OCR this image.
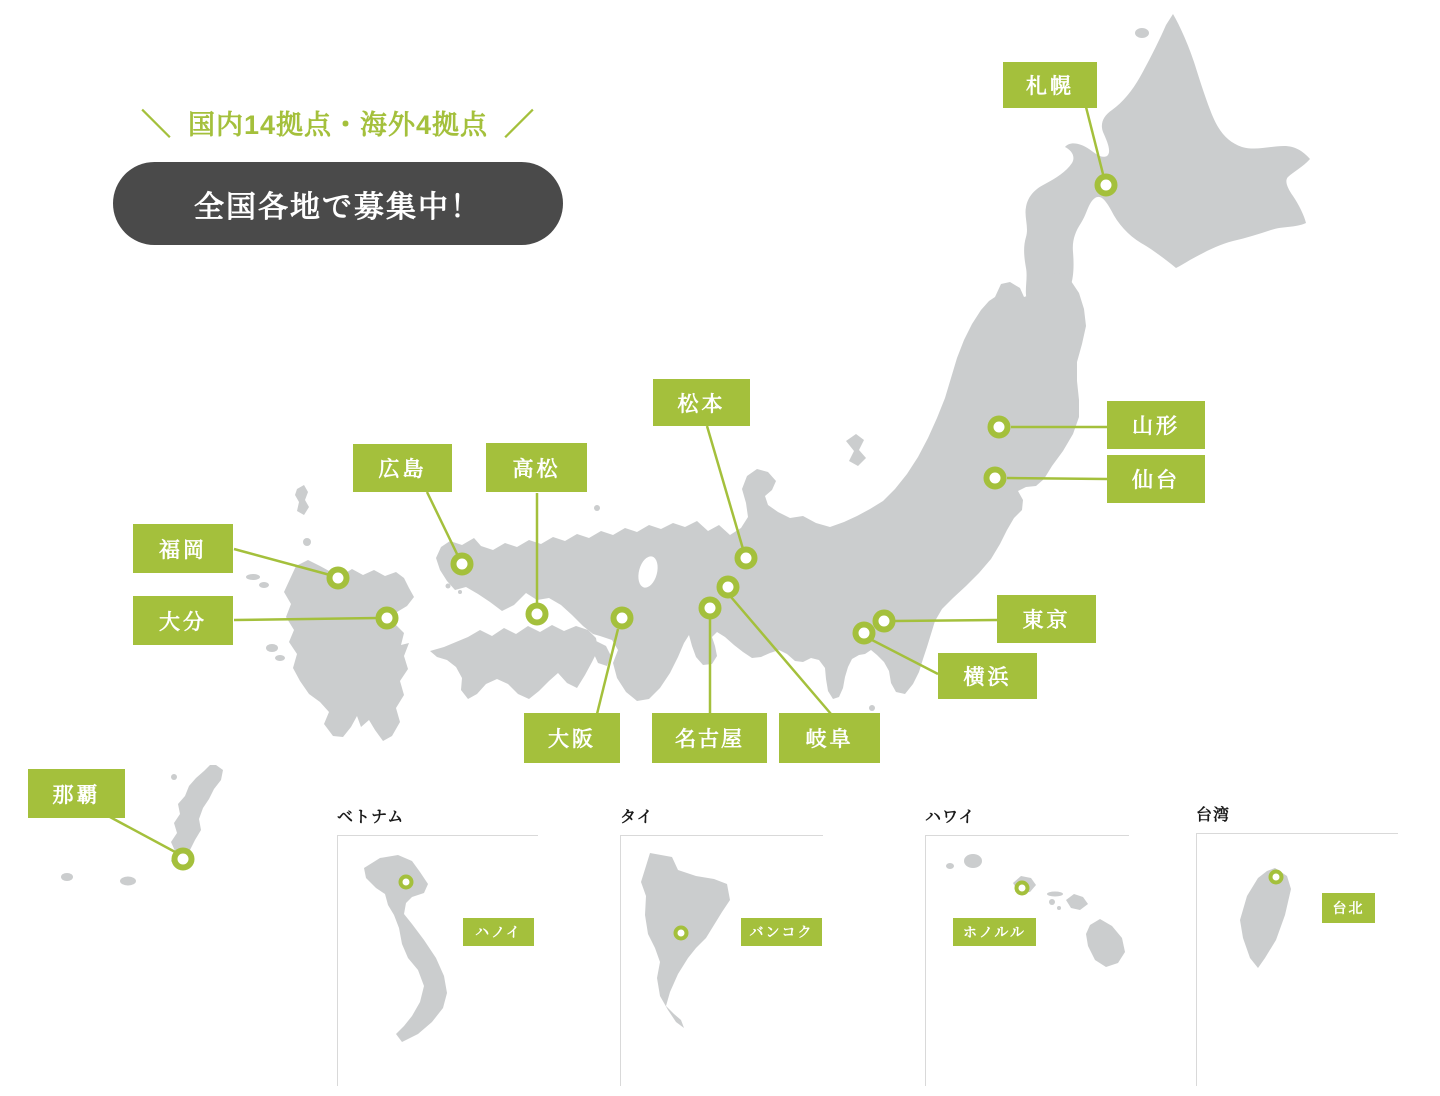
＼ 国内14拠点・海外4拠点 ／
全国各地で募集中！
札幌
山形
仙台
松本
広島	高松
福岡
大分	東京
横浜
大阪	名古屋	岐阜
那覇
ベトナム
ハノイ
タイ
バンコク
ハワイ
ホノルル
台湾
台北
